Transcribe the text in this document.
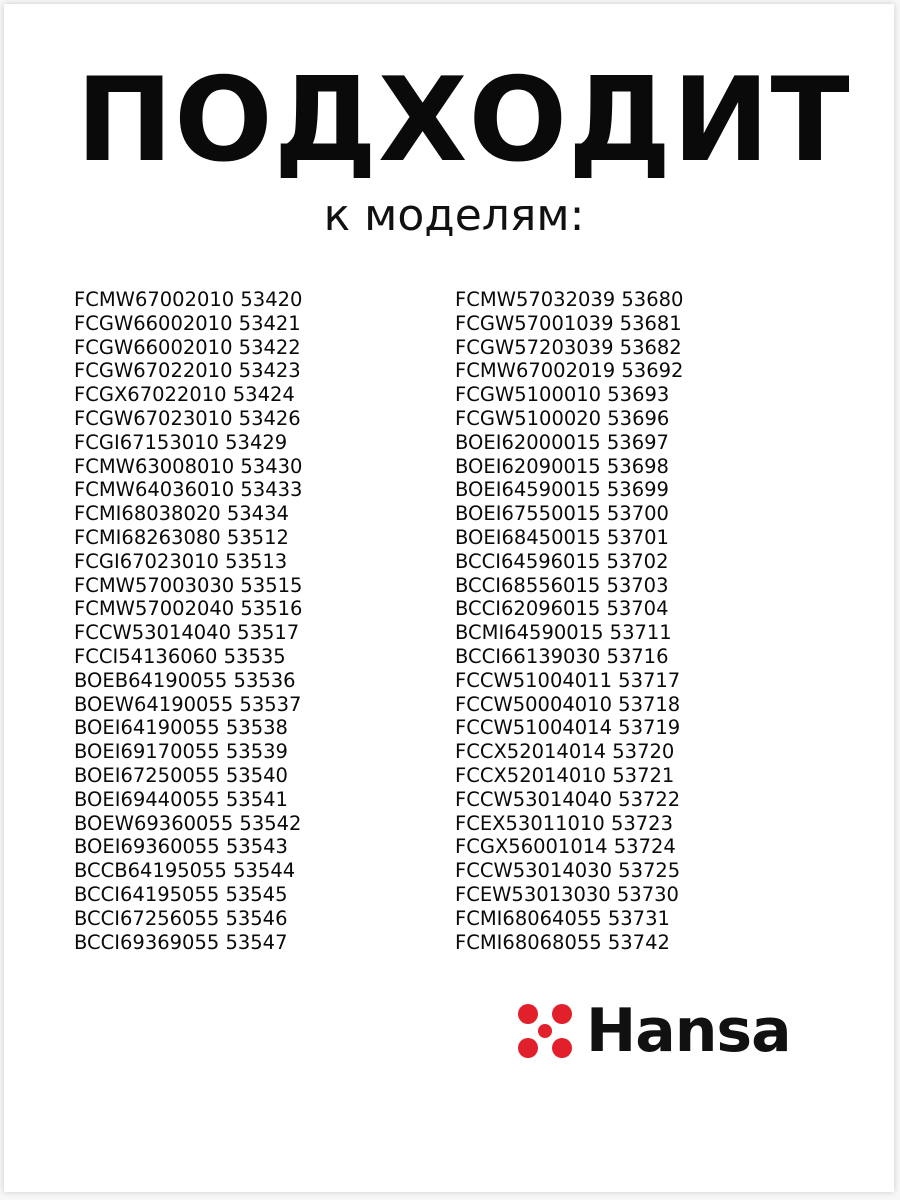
ПОДХОДИТ
к моделям:
FCMW67002010 53420
FCGW66002010 53421
FCGW66002010 53422
FCGW67022010 53423
FCGX67022010 53424
FCGW67023010 53426
FCGI67153010 53429
FCMW63008010 53430
FCMW64036010 53433
FCMI68038020 53434
FCMI68263080 53512
FCGI67023010 53513
FCMW57003030 53515
FCMW57002040 53516
FCCW53014040 53517
FCCI54136060 53535
BOEB64190055 53536
BOEW64190055 53537
BOEI64190055 53538
BOEI69170055 53539
BOEI67250055 53540
BOEI69440055 53541
BOEW69360055 53542
BOEI69360055 53543
BCCB64195055 53544
BCCI64195055 53545
BCCI67256055 53546
BCCI69369055 53547
FCMW57032039 53680
FCGW57001039 53681
FCGW57203039 53682
FCMW67002019 53692
FCGW5100010 53693
FCGW5100020 53696
BOEI62000015 53697
BOEI62090015 53698
BOEI64590015 53699
BOEI67550015 53700
BOEI68450015 53701
BCCI64596015 53702
BCCI68556015 53703
BCCI62096015 53704
BCMI64590015 53711
BCCI66139030 53716
FCCW51004011 53717
FCCW50004010 53718
FCCW51004014 53719
FCCX52014014 53720
FCCX52014010 53721
FCCW53014040 53722
FCEX53011010 53723
FCGX56001014 53724
FCCW53014030 53725
FCEW53013030 53730
FCMI68064055 53731
FCMI68068055 53742
Hansa
